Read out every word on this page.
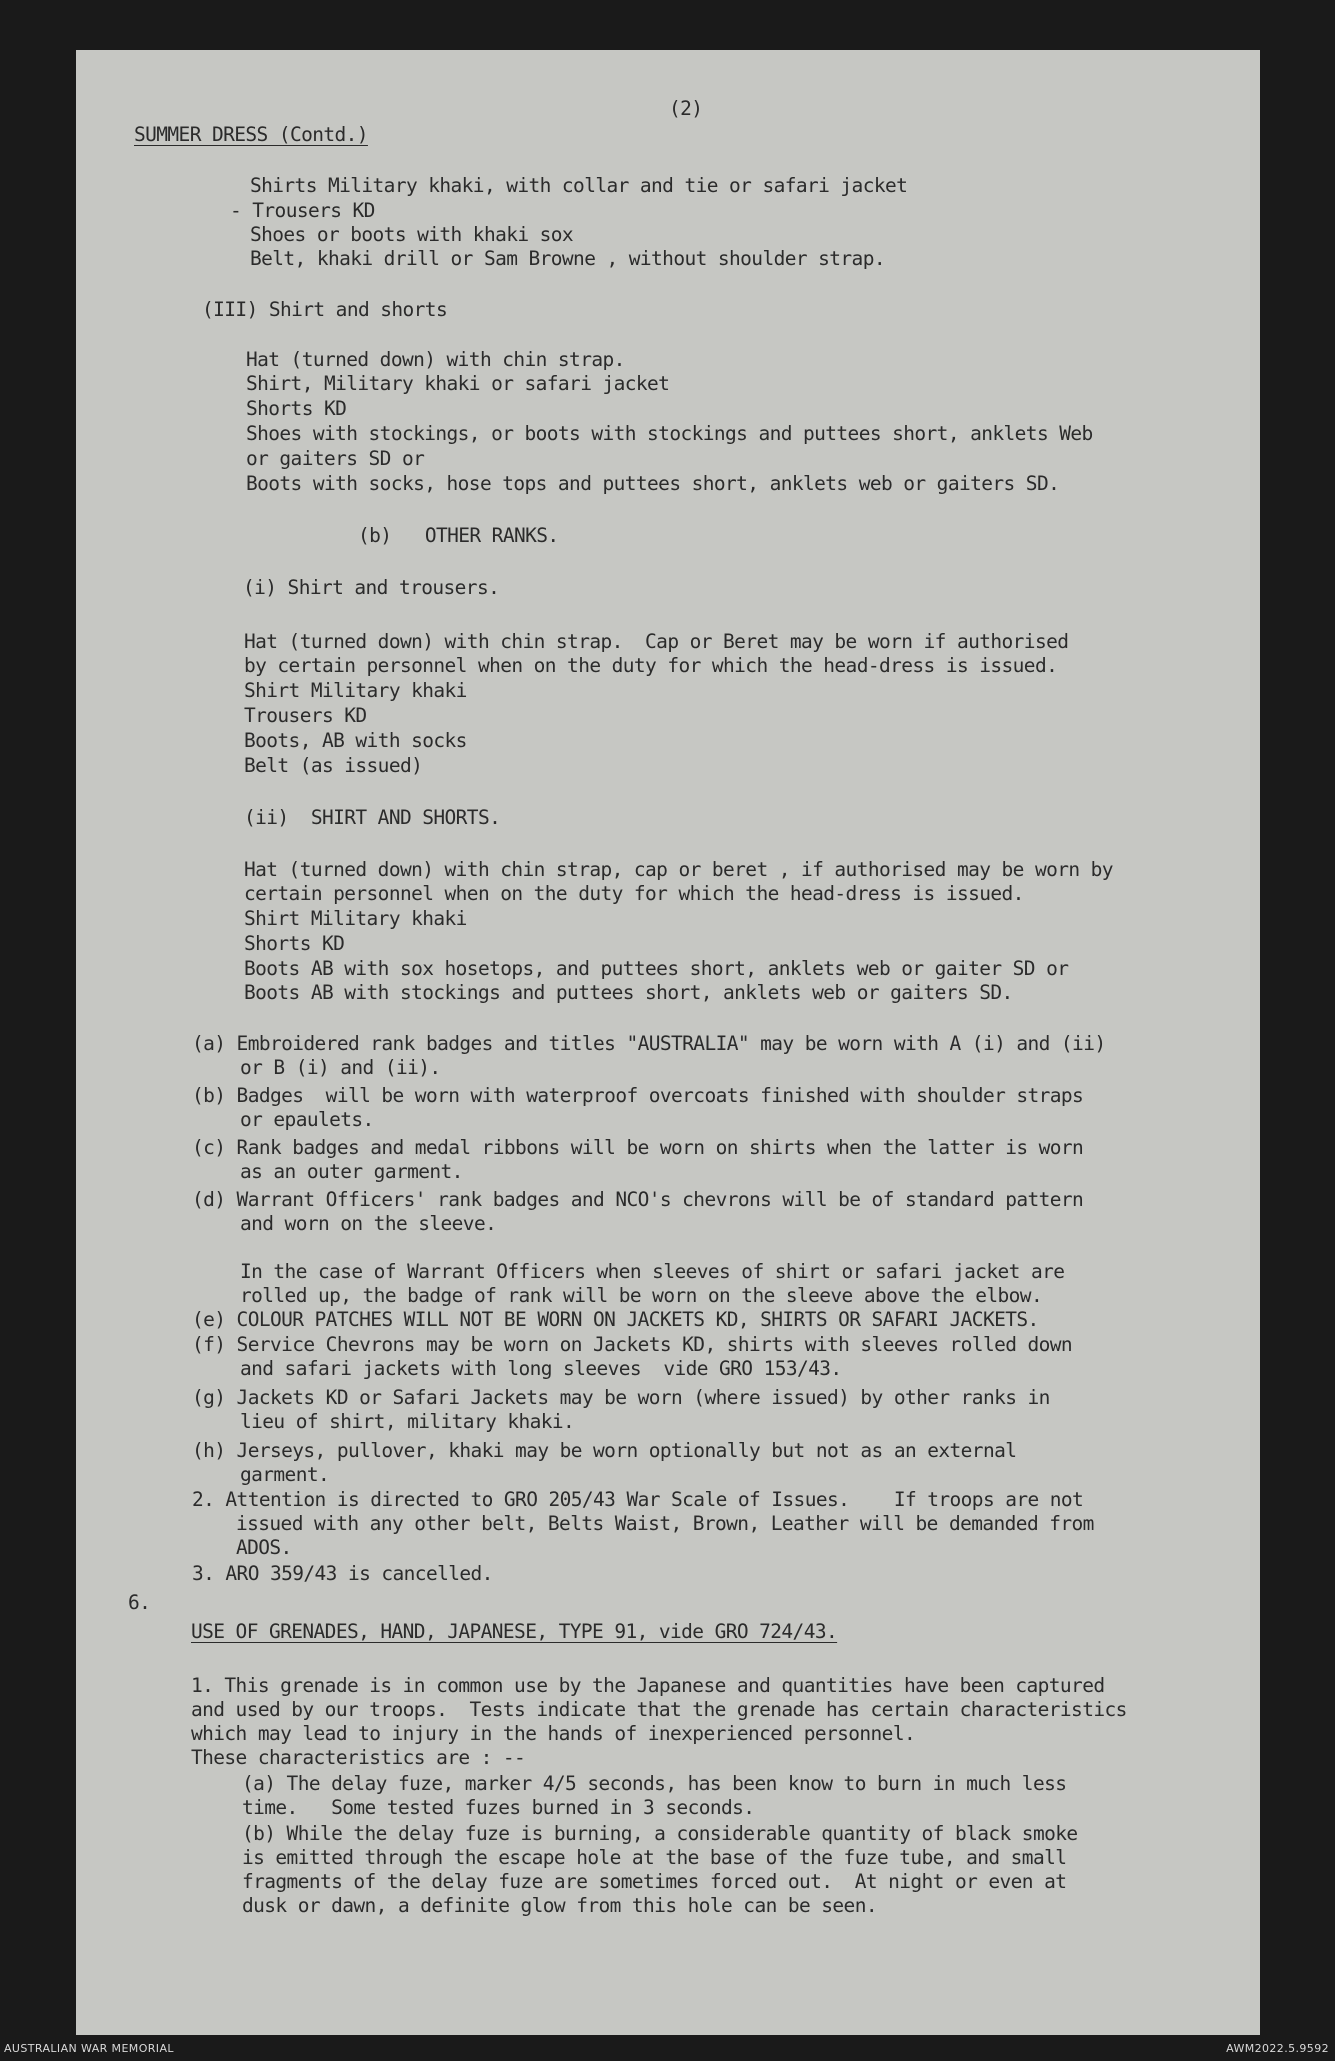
(2)
SUMMER DRESS (Contd.)
Shirts Military khaki, with collar and tie or safari jacket
- Trousers KD
Shoes or boots with khaki sox
Belt, khaki drill or Sam Browne , without shoulder strap.
(III) Shirt and shorts
Hat (turned down) with chin strap.
Shirt, Military khaki or safari jacket
Shorts KD
Shoes with stockings, or boots with stockings and puttees short, anklets Web
or gaiters SD or
Boots with socks, hose tops and puttees short, anklets web or gaiters SD.
(b)   OTHER RANKS.
(i) Shirt and trousers.
Hat (turned down) with chin strap.  Cap or Beret may be worn if authorised
by certain personnel when on the duty for which the head-dress is issued.
Shirt Military khaki
Trousers KD
Boots, AB with socks
Belt (as issued)
(ii)  SHIRT AND SHORTS.
Hat (turned down) with chin strap, cap or beret , if authorised may be worn by
certain personnel when on the duty for which the head-dress is issued.
Shirt Military khaki
Shorts KD
Boots AB with sox hosetops, and puttees short, anklets web or gaiter SD or
Boots AB with stockings and puttees short, anklets web or gaiters SD.
(a) Embroidered rank badges and titles "AUSTRALIA" may be worn with A (i) and (ii)
or B (i) and (ii).
(b) Badges  will be worn with waterproof overcoats finished with shoulder straps
or epaulets.
(c) Rank badges and medal ribbons will be worn on shirts when the latter is worn
as an outer garment.
(d) Warrant Officers' rank badges and NCO's chevrons will be of standard pattern
and worn on the sleeve.
In the case of Warrant Officers when sleeves of shirt or safari jacket are
rolled up, the badge of rank will be worn on the sleeve above the elbow.
(e) COLOUR PATCHES WILL NOT BE WORN ON JACKETS KD, SHIRTS OR SAFARI JACKETS.
(f) Service Chevrons may be worn on Jackets KD, shirts with sleeves rolled down
and safari jackets with long sleeves  vide GRO 153/43.
(g) Jackets KD or Safari Jackets may be worn (where issued) by other ranks in
lieu of shirt, military khaki.
(h) Jerseys, pullover, khaki may be worn optionally but not as an external
garment.
2. Attention is directed to GRO 205/43 War Scale of Issues.    If troops are not
issued with any other belt, Belts Waist, Brown, Leather will be demanded from
ADOS.
3. ARO 359/43 is cancelled.
6.
USE OF GRENADES, HAND, JAPANESE, TYPE 91, vide GRO 724/43.
1. This grenade is in common use by the Japanese and quantities have been captured
and used by our troops.  Tests indicate that the grenade has certain characteristics
which may lead to injury in the hands of inexperienced personnel.
These characteristics are : --
(a) The delay fuze, marker 4/5 seconds, has been know to burn in much less
time.   Some tested fuzes burned in 3 seconds.
(b) While the delay fuze is burning, a considerable quantity of black smoke
is emitted through the escape hole at the base of the fuze tube, and small
fragments of the delay fuze are sometimes forced out.  At night or even at
dusk or dawn, a definite glow from this hole can be seen.
AUSTRALIAN WAR MEMORIAL	AWM2022.5.9592
